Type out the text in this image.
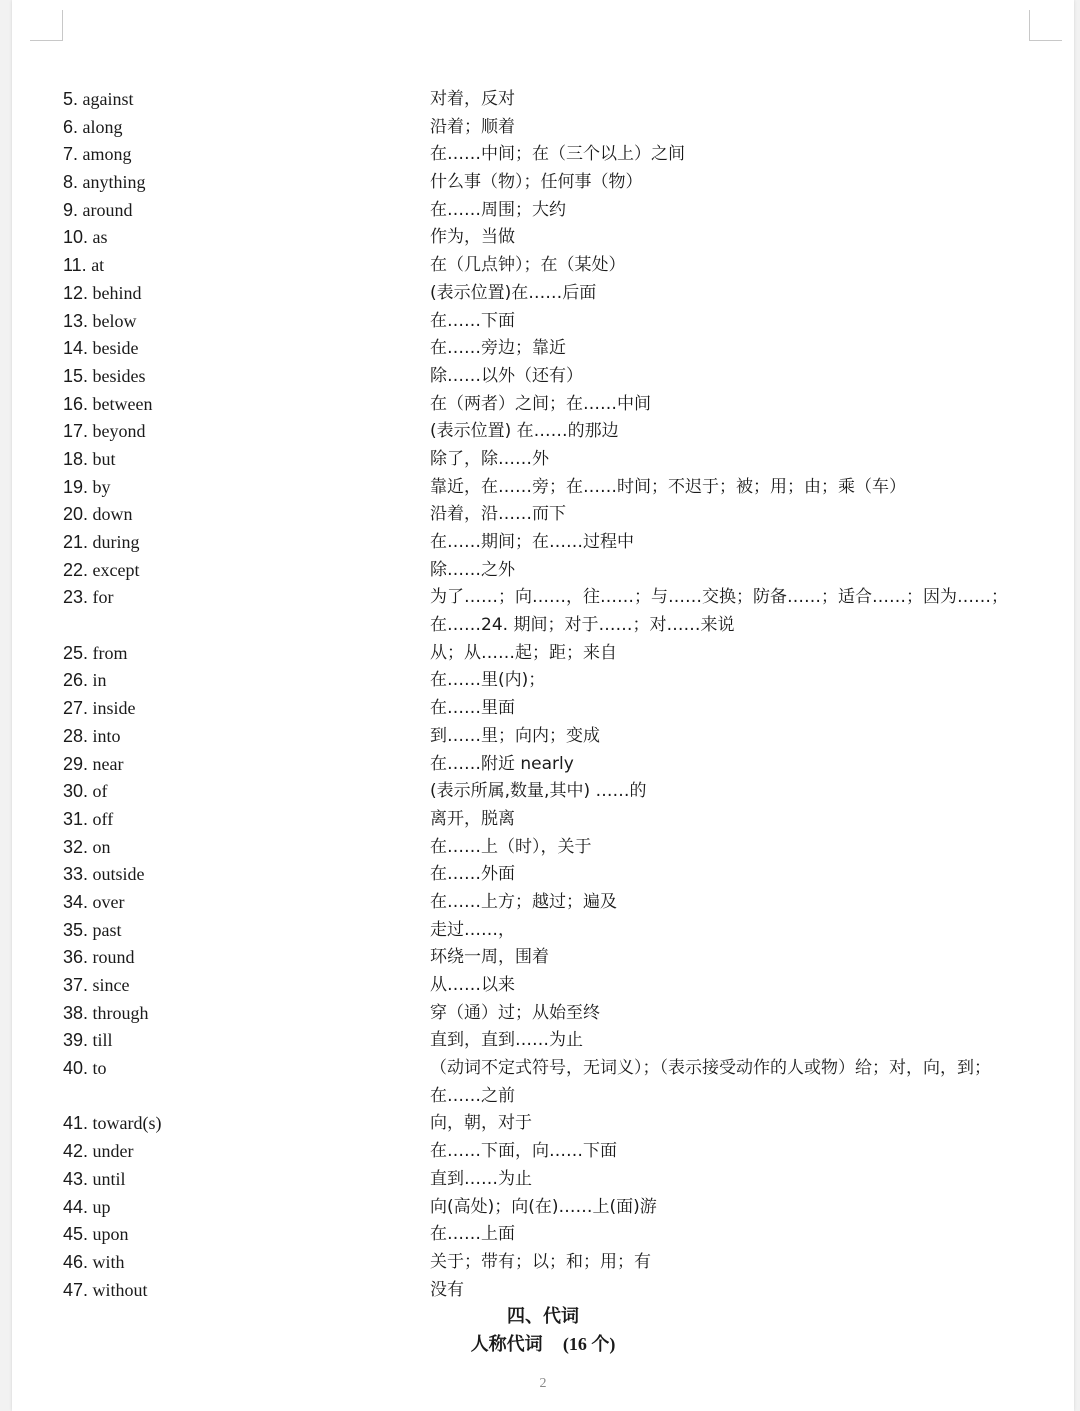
5. against	对着，反对
6. along	沿着；顺着
7. among	在……中间；在（三个以上）之间
8. anything	什么事（物）；任何事（物）
9. around	在……周围；大约
10. as	作为，当做
11. at	在（几点钟）；在（某处）
12. behind	(表示位置)在……后面
13. below	在……下面
14. beside	在……旁边；靠近
15. besides	除……以外（还有）
16. between	在（两者）之间；在……中间
17. beyond	(表示位置) 在……的那边
18. but	除了，除……外
19. by	靠近，在……旁；在……时间；不迟于；被；用；由；乘（车）
20. down	沿着，沿……而下
21. during	在……期间；在……过程中
22. except	除……之外
23. for	为了……；向……，往……；与……交换；防备……；适合……；因为……；
在……24. 期间；对于……；对……来说
25. from	从；从……起；距；来自
26. in	在……里(内)；
27. inside	在……里面
28. into	到……里；向内；变成
29. near	在……附近 nearly
30. of	(表示所属,数量,其中) ……的
31. off	离开，脱离
32. on	在……上（时），关于
33. outside	在……外面
34. over	在……上方；越过；遍及
35. past	走过……，
36. round	环绕一周，围着
37. since	从……以来
38. through	穿（通）过；从始至终
39. till	直到，直到……为止
40. to	（动词不定式符号，无词义）；（表示接受动作的人或物）给；对，向，到；
在……之前
41. toward(s)	向，朝，对于
42. under	在……下面，向……下面
43. until	直到……为止
44. up	向(高处)；向(在)……上(面)游
45. upon	在……上面
46. with	关于；带有；以；和；用；有
47. without	没有
四、代词
人称代词 (16 个)
2
